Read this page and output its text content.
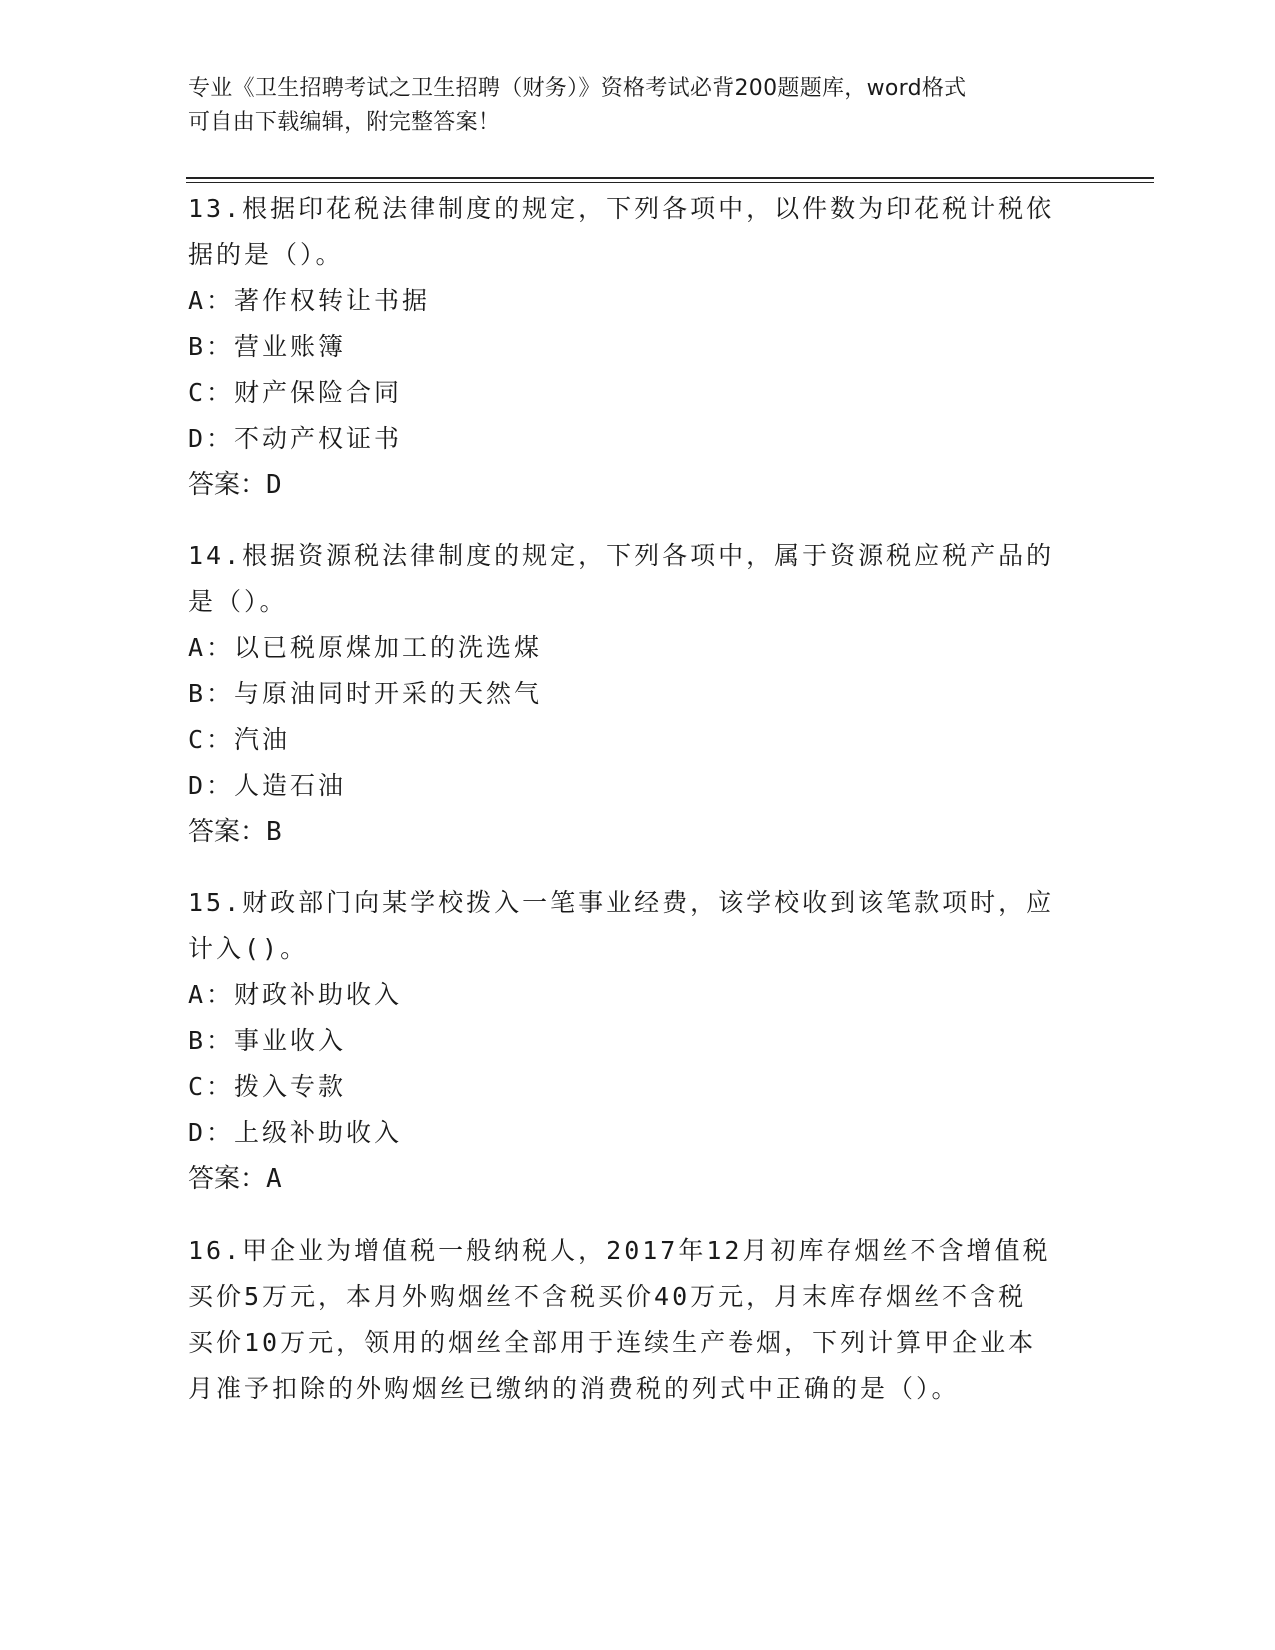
专业《卫生招聘考试之卫生招聘（财务）》资格考试必背200题题库，word格式
可自由下载编辑，附完整答案！
13.根据印花税法律制度的规定，下列各项中，以件数为印花税计税依
据的是（）。
A：著作权转让书据
B：营业账簿
C：财产保险合同
D：不动产权证书
答案：D
14.根据资源税法律制度的规定，下列各项中，属于资源税应税产品的
是（）。
A：以已税原煤加工的洗选煤
B：与原油同时开采的天然气
C：汽油
D：人造石油
答案：B
15.财政部门向某学校拨入一笔事业经费，该学校收到该笔款项时，应
计入()。
A：财政补助收入
B：事业收入
C：拨入专款
D：上级补助收入
答案：A
16.甲企业为增值税一般纳税人，2017年12月初库存烟丝不含增值税
买价5万元，本月外购烟丝不含税买价40万元，月末库存烟丝不含税
买价10万元，领用的烟丝全部用于连续生产卷烟，下列计算甲企业本
月准予扣除的外购烟丝已缴纳的消费税的列式中正确的是（）。
